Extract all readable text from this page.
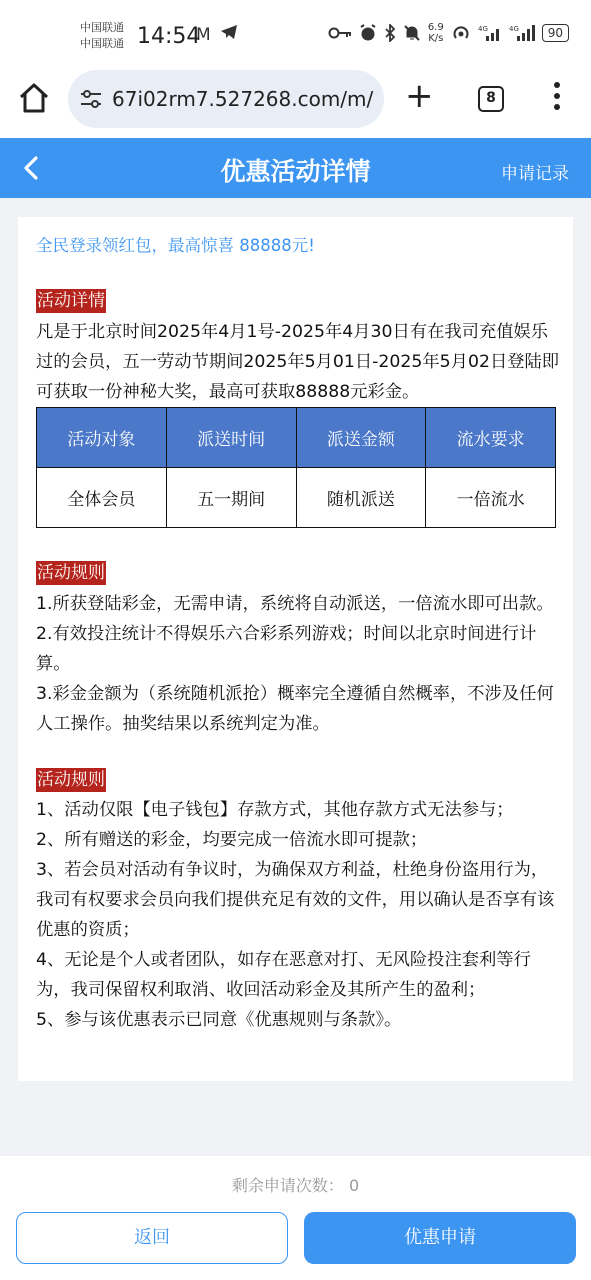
中国联通
中国联通 14:54
M	6.9
K/s
4G	4G	90
67i02rm7.527268.com/m/ +	8
优惠活动详情	申请记录
全民登录领红包，最高惊喜 88888元!
活动详情
凡是于北京时间2025年4月1号-2025年4月30日有在我司充值娱乐过的会员，五一劳动节期间2025年5月01日-2025年5月02日登陆即可获取一份神秘大奖，最高可获取88888元彩金。
活动对象	派送时间	派送金额	流水要求
全体会员	五一期间	随机派送	一倍流水
活动规则

1.所获登陆彩金，无需申请，系统将自动派送，一倍流水即可出款。

2.有效投注统计不得娱乐六合彩系列游戏；时间以北京时间进行计算。

3.彩金金额为（系统随机派抢）概率完全遵循自然概率，不涉及任何人工操作。抽奖结果以系统判定为准。

活动规则

1、活动仅限【电子钱包】存款方式，其他存款方式无法参与；

2、所有赠送的彩金，均要完成一倍流水即可提款；

3、若会员对活动有争议时，为确保双方利益，杜绝身份盗用行为，我司有权要求会员向我们提供充足有效的文件，用以确认是否享有该优惠的资质；

4、无论是个人或者团队，如存在恶意对打、无风险投注套利等行为，我司保留权利取消、收回活动彩金及其所产生的盈利；

5、参与该优惠表示已同意《优惠规则与条款》。

剩余申请次数： 0
返回	优惠申请
